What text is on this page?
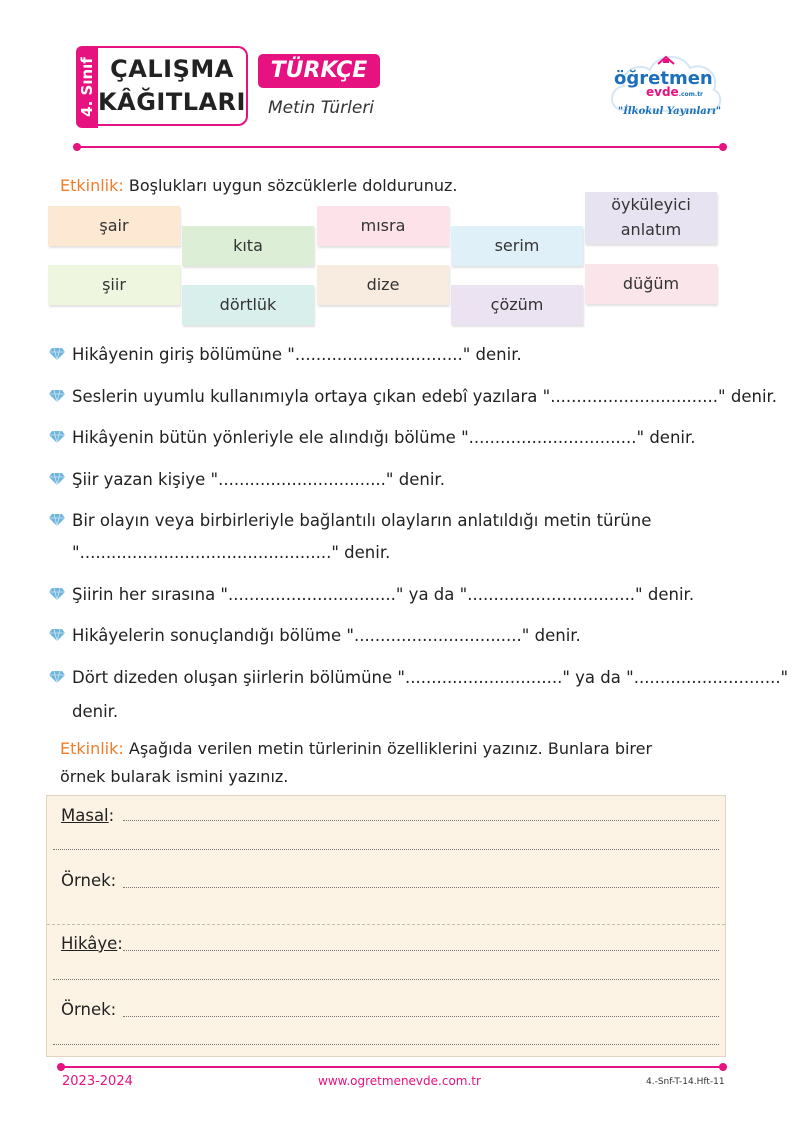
4. Sınıf ÇALIŞMA
KÂĞITLARI
TÜRKÇE
Metin Türleri
öğretmen
evde.com.tr
"İlkokul Yayınları"
Etkinlik: Boşlukları uygun sözcüklerle doldurunuz.
şair
kıta
mısra
serim
öyküleyici anlatım
şiir
dörtlük
dize
çözüm
düğüm
Hikâyenin giriş bölümüne "................................" denir.
Seslerin uyumlu kullanımıyla ortaya çıkan edebî yazılara "................................" denir.
Hikâyenin bütün yönleriyle ele alındığı bölüme "................................" denir.
Şiir yazan kişiye "................................" denir.
Bir olayın veya birbirleriyle bağlantılı olayların anlatıldığı metin türüne
"................................................" denir.
Şiirin her sırasına "................................" ya da "................................" denir.
Hikâyelerin sonuçlandığı bölüme "................................" denir.
Dört dizeden oluşan şiirlerin bölümüne ".............................." ya da "............................"
denir.
Etkinlik: Aşağıda verilen metin türlerinin özelliklerini yazınız. Bunlara birer
örnek bularak ismini yazınız.
Masal:
Örnek:
Hikâye:
Örnek:
2023-2024	www.ogretmenevde.com.tr	4.-Snf-T-14.Hft-11
